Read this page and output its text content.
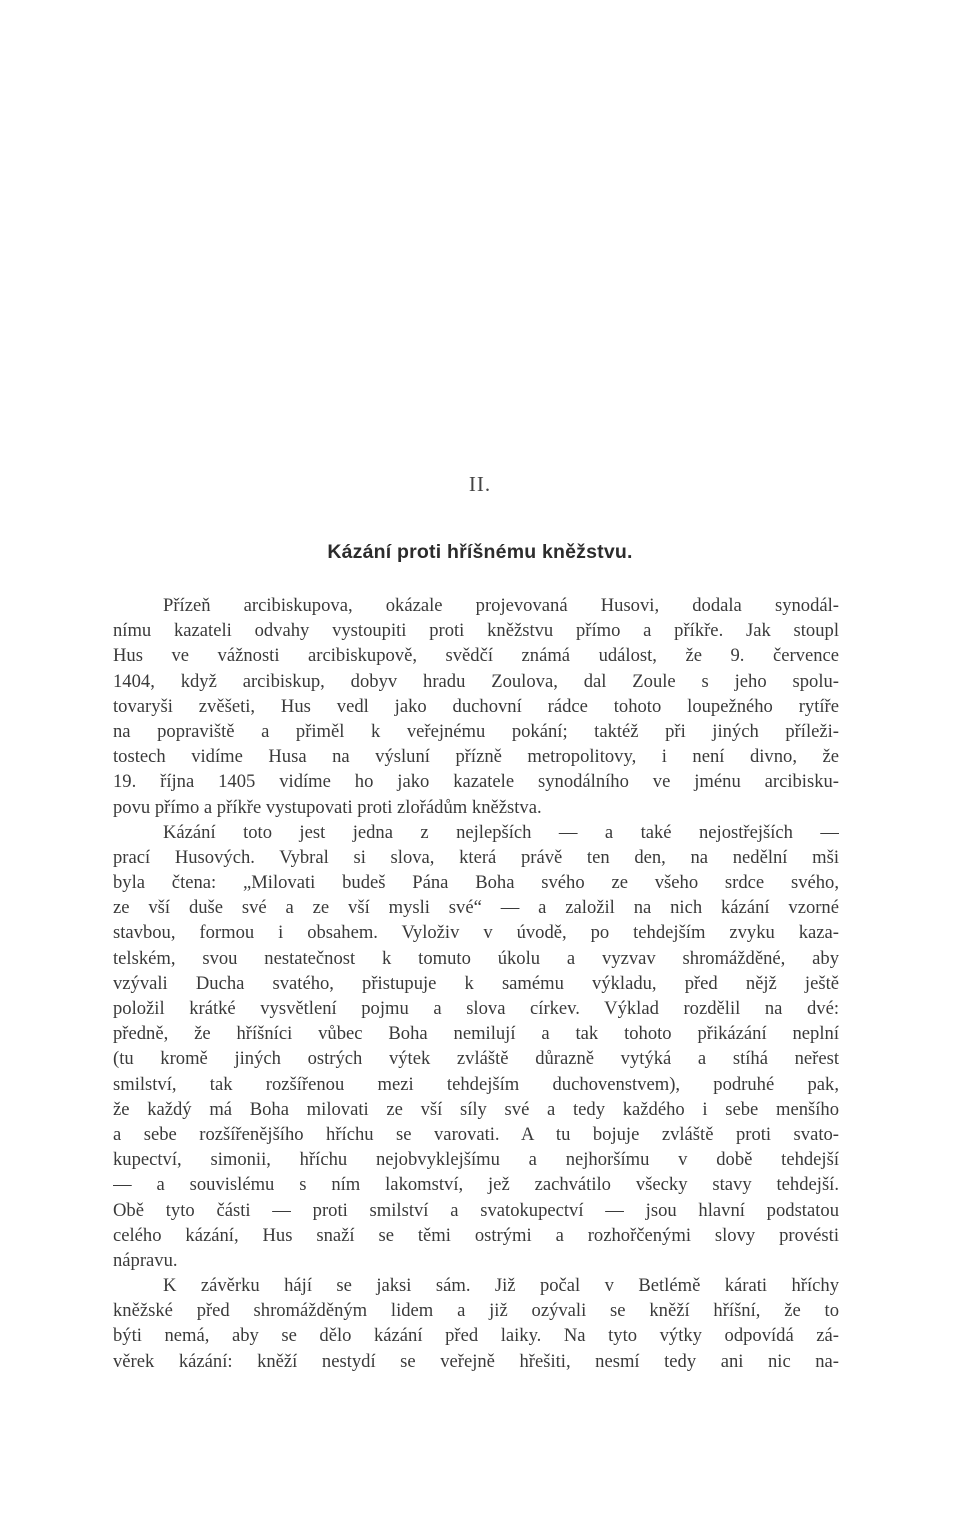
II.
Kázání proti hříšnému kněžstvu.
Přízeň arcibiskupova, okázale projevovaná Husovi, dodala synodál-
nímu kazateli odvahy vystoupiti proti kněžstvu přímo a příkře. Jak stoupl
Hus ve vážnosti arcibiskupově, svědčí známá událost, že 9. července
1404, když arcibiskup, dobyv hradu Zoulova, dal Zoule s jeho spolu-
tovaryši zvěšeti, Hus vedl jako duchovní rádce tohoto loupežného rytíře
na popraviště a přiměl k veřejnému pokání; taktéž při jiných příleži-
tostech vidíme Husa na výsluní přízně metropolitovy, i není divno, že
19. října 1405 vidíme ho jako kazatele synodálního ve jménu arcibisku-
povu přímo a příkře vystupovati proti zlořádům kněžstva.
Kázání toto jest jedna z nejlepších — a také nejostřejších —
prací Husových. Vybral si slova, která právě ten den, na nedělní mši
byla čtena: „Milovati budeš Pána Boha svého ze všeho srdce svého,
ze vší duše své a ze vší mysli své“ — a založil na nich kázání vzorné
stavbou, formou i obsahem. Vyloživ v úvodě, po tehdejším zvyku kaza-
telském, svou nestatečnost k tomuto úkolu a vyzvav shromážděné, aby
vzývali Ducha svatého, přistupuje k samému výkladu, před nějž ještě
položil krátké vysvětlení pojmu a slova církev. Výklad rozdělil na dvé:
předně, že hříšníci vůbec Boha nemilují a tak tohoto přikázání neplní
(tu kromě jiných ostrých výtek zvláště důrazně vytýká a stíhá neřest
smilství, tak rozšířenou mezi tehdejším duchovenstvem), podruhé pak,
že každý má Boha milovati ze vší síly své a tedy každého i sebe menšího
a sebe rozšířenějšího hříchu se varovati. A tu bojuje zvláště proti svato-
kupectví, simonii, hříchu nejobvyklejšímu a nejhoršímu v době tehdejší
— a souvislému s ním lakomství, jež zachvátilo všecky stavy tehdejší.
Obě tyto části — proti smilství a svatokupectví — jsou hlavní podstatou
celého kázání, Hus snaží se těmi ostrými a rozhořčenými slovy provésti
nápravu.
K závěrku hájí se jaksi sám. Již počal v Betlémě kárati hříchy
kněžské před shromážděným lidem a již ozývali se kněží hříšní, že to
býti nemá, aby se dělo kázání před laiky. Na tyto výtky odpovídá zá-
věrek kázání: kněží nestydí se veřejně hřešiti, nesmí tedy ani nic na-
